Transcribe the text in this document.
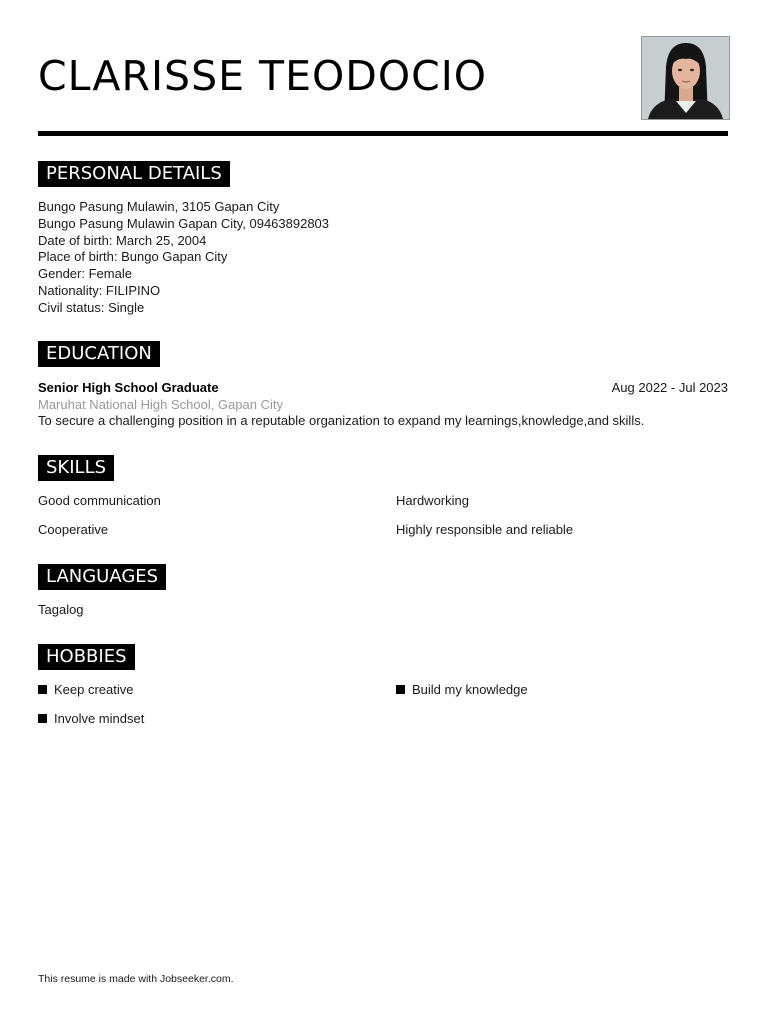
CLARISSE TEODOCIO
PERSONAL DETAILS
Bungo Pasung Mulawin, 3105 Gapan City
Bungo Pasung Mulawin Gapan City, 09463892803
Date of birth: March 25, 2004
Place of birth: Bungo Gapan City
Gender: Female
Nationality: FILIPINO
Civil status: Single
EDUCATION
Senior High School Graduate	Aug 2022 - Jul 2023
Maruhat National High School, Gapan City
To secure a challenging position in a reputable organization to expand my learnings,knowledge,and skills.
SKILLS
Good communication	Hardworking
Cooperative	Highly responsible and reliable
LANGUAGES
Tagalog
HOBBIES
Keep creative	Build my knowledge
Involve mindset
This resume is made with Jobseeker.com.
